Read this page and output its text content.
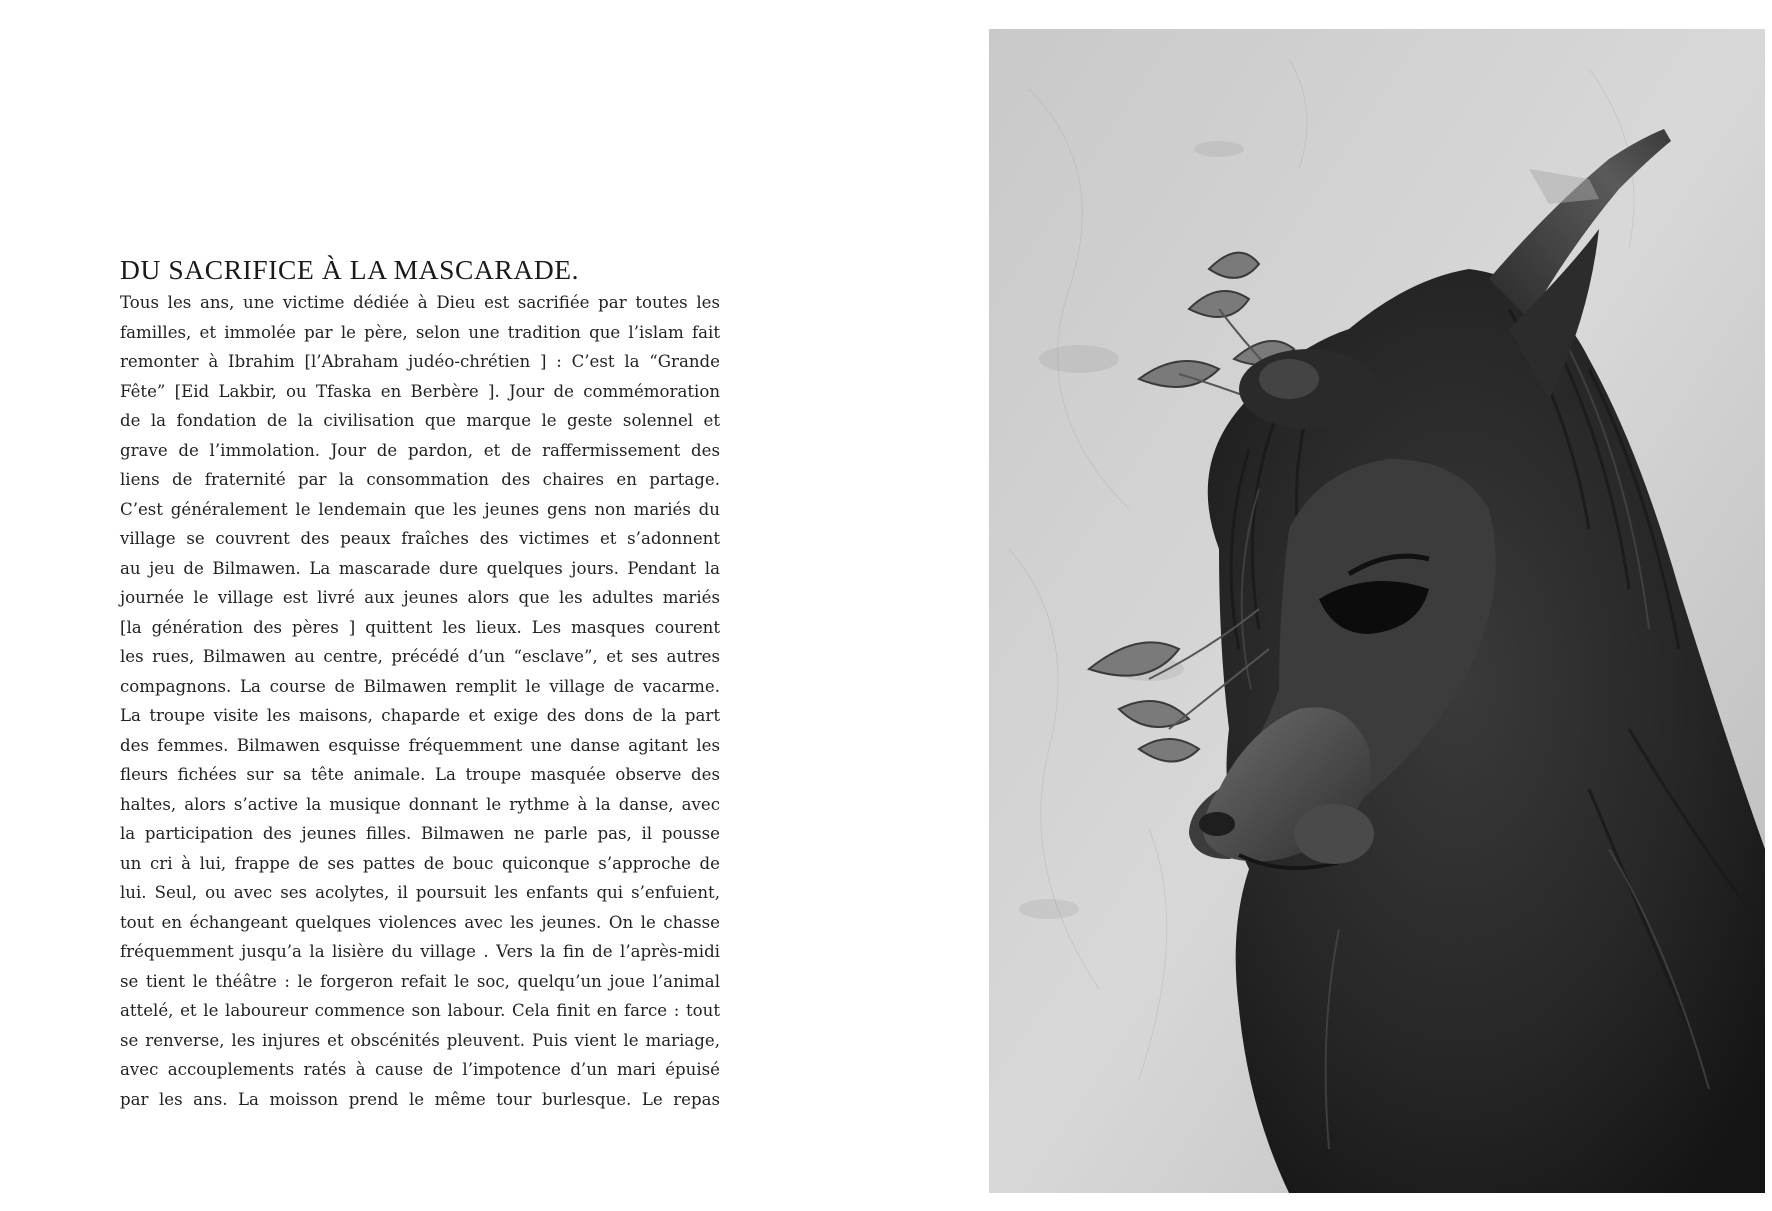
DU SACRIFICE À LA MASCARADE.
Tous les ans, une victime dédiée à Dieu est sacrifiée par toutes les
familles, et immolée par le père, selon une tradition que l’islam fait
remonter à Ibrahim [l’Abraham judéo-chrétien ] : C’est la “Grande
Fête” [Eid Lakbir, ou Tfaska en Berbère ]. Jour de commémoration
de la fondation de la civilisation que marque le geste solennel et
grave de l’immolation. Jour de pardon, et de raffermissement des
liens de fraternité par la consommation des chaires en partage.
C’est généralement le lendemain que les jeunes gens non mariés du
village se couvrent des peaux fraîches des victimes et s’adonnent
au jeu de Bilmawen. La mascarade dure quelques jours. Pendant la
journée le village est livré aux jeunes alors que les adultes mariés
[la génération des pères ] quittent les lieux. Les masques courent
les rues, Bilmawen au centre, précédé d’un “esclave”, et ses autres
compagnons. La course de Bilmawen remplit le village de vacarme.
La troupe visite les maisons, chaparde et exige des dons de la part
des femmes. Bilmawen esquisse fréquemment une danse agitant les
fleurs fichées sur sa tête animale. La troupe masquée observe des
haltes, alors s’active la musique donnant le rythme à la danse, avec
la participation des jeunes filles. Bilmawen ne parle pas, il pousse
un cri à lui, frappe de ses pattes de bouc quiconque s’approche de
lui. Seul, ou avec ses acolytes, il poursuit les enfants qui s’enfuient,
tout en échangeant quelques violences avec les jeunes. On le chasse
fréquemment jusqu’a la lisière du village . Vers la fin de l’après-midi
se tient le théâtre : le forgeron refait le soc, quelqu’un joue l’animal
attelé, et le laboureur commence son labour. Cela finit en farce : tout
se renverse, les injures et obscénités pleuvent. Puis vient le mariage,
avec accouplements ratés à cause de l’impotence d’un mari épuisé
par les ans. La moisson prend le même tour burlesque. Le repas
